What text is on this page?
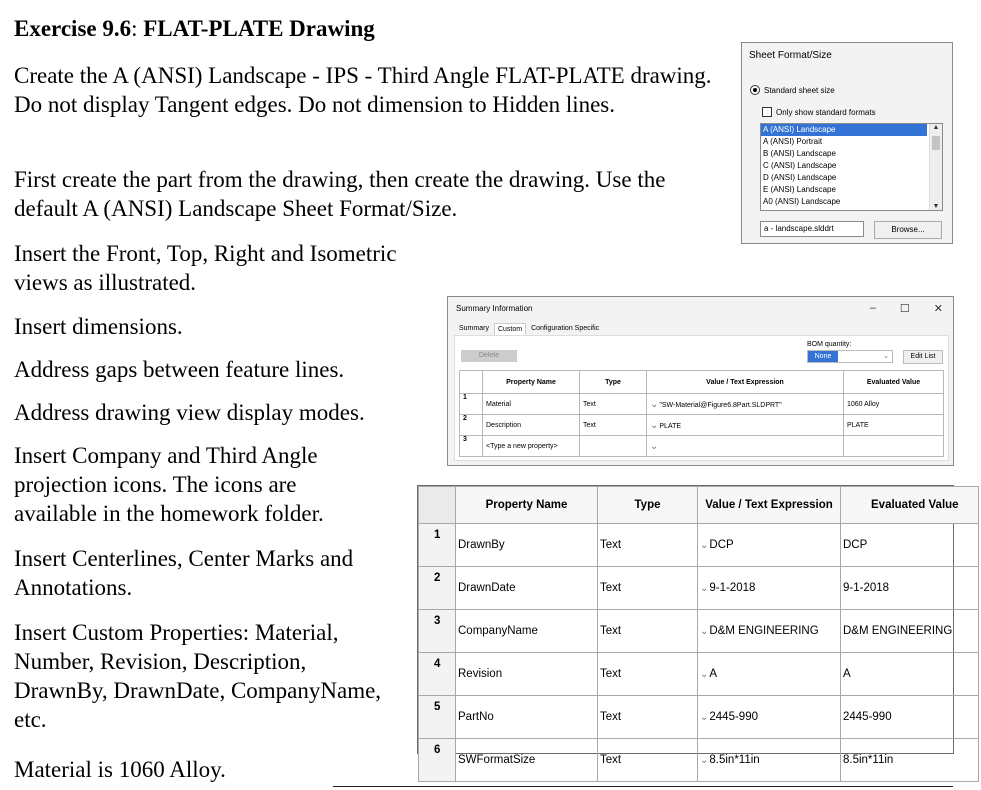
Exercise 9.6: FLAT-PLATE Drawing
Create the A (ANSI) Landscape - IPS - Third Angle FLAT-PLATE drawing. Do not display Tangent edges. Do not dimension to Hidden lines.
First create the part from the drawing, then create the drawing. Use the default A (ANSI) Landscape Sheet Format/Size.
Insert the Front, Top, Right and Isometric views as illustrated.
Insert dimensions.
Address gaps between feature lines.
Address drawing view display modes.
Insert Company and Third Angle projection icons. The icons are available in the homework folder.
Insert Centerlines, Center Marks and Annotations.
Insert Custom Properties: Material, Number, Revision, Description, DrawnBy, DrawnDate, CompanyName, etc.
Material is 1060 Alloy.
Sheet Format/Size
Standard sheet size
Only show standard formats
A (ANSI) Landscape
A (ANSI) Portrait
B (ANSI) Landscape
C (ANSI) Landscape
D (ANSI) Landscape
E (ANSI) Landscape
A0 (ANSI) Landscape
▲
▼
a - landscape.slddrt	Browse...
Summary Information	– ☐ ✕
Summary	Custom	Configuration Specific
Delete
BOM quantity:
None	⌄	Edit List
	Property Name	Type	Value / Text Expression	Evaluated Value
1	Material	Text	⌄"SW-Material@Figure6.8Part.SLDPRT"	1060 Alloy
2	Description	Text	⌄PLATE	PLATE
3	<Type a new property>		⌄	
	Property Name	Type	Value / Text Expression	Evaluated Value
1	DrawnBy	Text	⌄DCP	DCP
2	DrawnDate	Text	⌄9-1-2018	9-1-2018
3	CompanyName	Text	⌄D&M ENGINEERING	D&M ENGINEERING
4	Revision	Text	⌄A	A
5	PartNo	Text	⌄2445-990	2445-990
6	SWFormatSize	Text	⌄8.5in*11in	8.5in*11in
